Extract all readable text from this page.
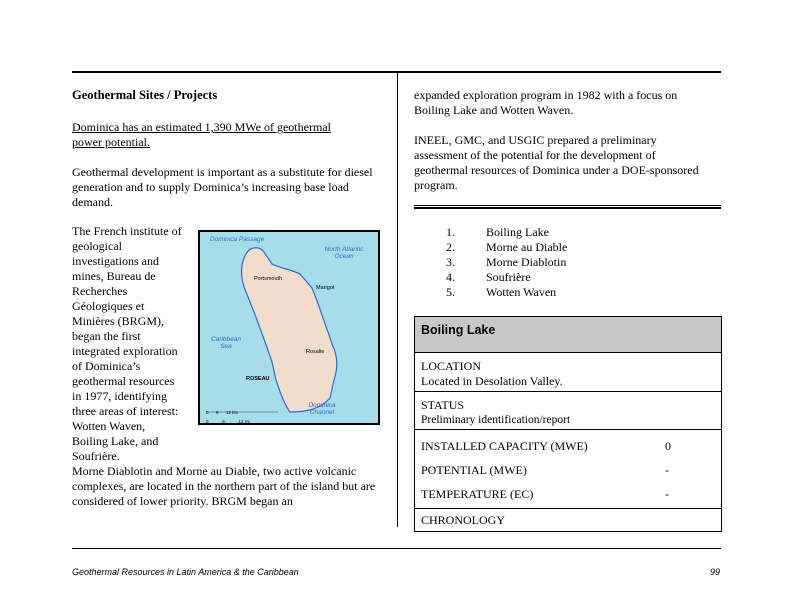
Geothermal Sites / Projects

Dominica has an estimated 1,390 MWe of geothermal power potential.

Geothermal development is important as a substitute for diesel generation and to supply Dominica’s increasing base load demand.

The French institute of geological investigations and mines, Bureau de Recherches Géologiques et Minières (BRGM), began the first integrated exploration of Dominica’s geothermal resources in 1977, identifying three areas of interest: Wotten Waven, Boiling Lake, and Soufrière.

Morne Diablotin and Morne au Diable, two active volcanic complexes, are located in the northern part of the island but are considered of lower priority. BRGM began an

Dominica Passage
North Atlantic Ocean
Caribbean Sea
Dominica Channel
Portsmouth
Marigot
Rosalie
ROSEAU
0      6      12 km
0           6           12 mi

expanded exploration program in 1982 with a focus on Boiling Lake and Wotten Waven.

INEEL, GMC, and USGIC prepared a preliminary assessment of the potential for the development of geothermal resources of Dominica under a DOE-sponsored program.

1.	Boiling Lake
2.	Morne au Diable
3.	Morne Diablotin
4.	Soufrière
5.	Wotten Waven
Boiling Lake
LOCATION
Located in Desolation Valley.
STATUS
Preliminary identification/report
INSTALLED CAPACITY (MWE)	0
POTENTIAL (MWE)	-
TEMPERATURE (ΕC)	-
CHRONOLOGY
Geothermal Resources in Latin America & the Caribbean	99
